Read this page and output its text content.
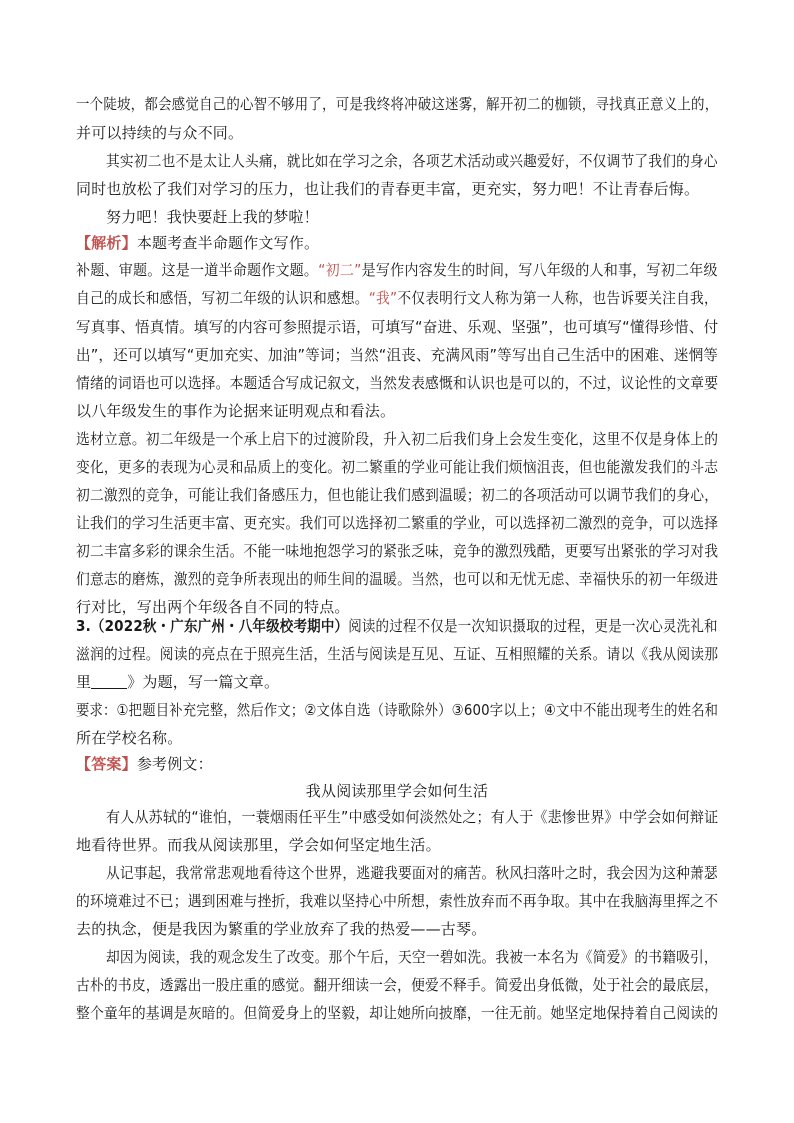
一个陡坡，都会感觉自己的心智不够用了，可是我终将冲破这迷雾，解开初二的枷锁，寻找真正意义上的，
并可以持续的与众不同。
其实初二也不是太让人头痛，就比如在学习之余，各项艺术活动或兴趣爱好，不仅调节了我们的身心
同时也放松了我们对学习的压力，也让我们的青春更丰富，更充实，努力吧！不让青春后悔。
努力吧！我快要赶上我的梦啦！
【解析】本题考查半命题作文写作。
补题、审题。这是一道半命题作文题。“初二”是写作内容发生的时间，写八年级的人和事，写初二年级
自己的成长和感悟，写初二年级的认识和感想。“我”不仅表明行文人称为第一人称，也告诉要关注自我，
写真事、悟真情。填写的内容可参照提示语，可填写“奋进、乐观、坚强”，也可填写“懂得珍惜、付
出”，还可以填写“更加充实、加油”等词；当然“沮丧、充满风雨”等写出自己生活中的困难、迷惘等
情绪的词语也可以选择。本题适合写成记叙文，当然发表感慨和认识也是可以的，不过，议论性的文章要
以八年级发生的事作为论据来证明观点和看法。
选材立意。初二年级是一个承上启下的过渡阶段，升入初二后我们身上会发生变化，这里不仅是身体上的
变化，更多的表现为心灵和品质上的变化。初二繁重的学业可能让我们烦恼沮丧，但也能激发我们的斗志
初二激烈的竞争，可能让我们备感压力，但也能让我们感到温暖；初二的各项活动可以调节我们的身心，
让我们的学习生活更丰富、更充实。我们可以选择初二繁重的学业，可以选择初二激烈的竞争，可以选择
初二丰富多彩的课余生活。不能一味地抱怨学习的紧张乏味，竞争的激烈残酷，更要写出紧张的学习对我
们意志的磨炼，激烈的竞争所表现出的师生间的温暖。当然，也可以和无忧无虑、幸福快乐的初一年级进
行对比，写出两个年级各自不同的特点。
3.（2022秋・广东广州・八年级校考期中）阅读的过程不仅是一次知识摄取的过程，更是一次心灵洗礼和
滋润的过程。阅读的亮点在于照亮生活，生活与阅读是互见、互证、互相照耀的关系。请以《我从阅读那
里 》为题，写一篇文章。
要求：①把题目补充完整，然后作文；②文体自选（诗歌除外）③600字以上；④文中不能出现考生的姓名和
所在学校名称。
【答案】参考例文：
我从阅读那里学会如何生活
有人从苏轼的“谁怕，一蓑烟雨任平生”中感受如何淡然处之；有人于《悲惨世界》中学会如何辩证
地看待世界。而我从阅读那里，学会如何坚定地生活。
从记事起，我常常悲观地看待这个世界，逃避我要面对的痛苦。秋风扫落叶之时，我会因为这种萧瑟
的环境难过不已；遇到困难与挫折，我难以坚持心中所想，索性放弃而不再争取。其中在我脑海里挥之不
去的执念，便是我因为繁重的学业放弃了我的热爱——古琴。
却因为阅读，我的观念发生了改变。那个午后，天空一碧如洗。我被一本名为《简爱》的书籍吸引，
古朴的书皮，透露出一股庄重的感觉。翻开细读一会，便爱不释手。简爱出身低微，处于社会的最底层，
整个童年的基调是灰暗的。但简爱身上的坚毅，却让她所向披靡，一往无前。她坚定地保持着自己阅读的
